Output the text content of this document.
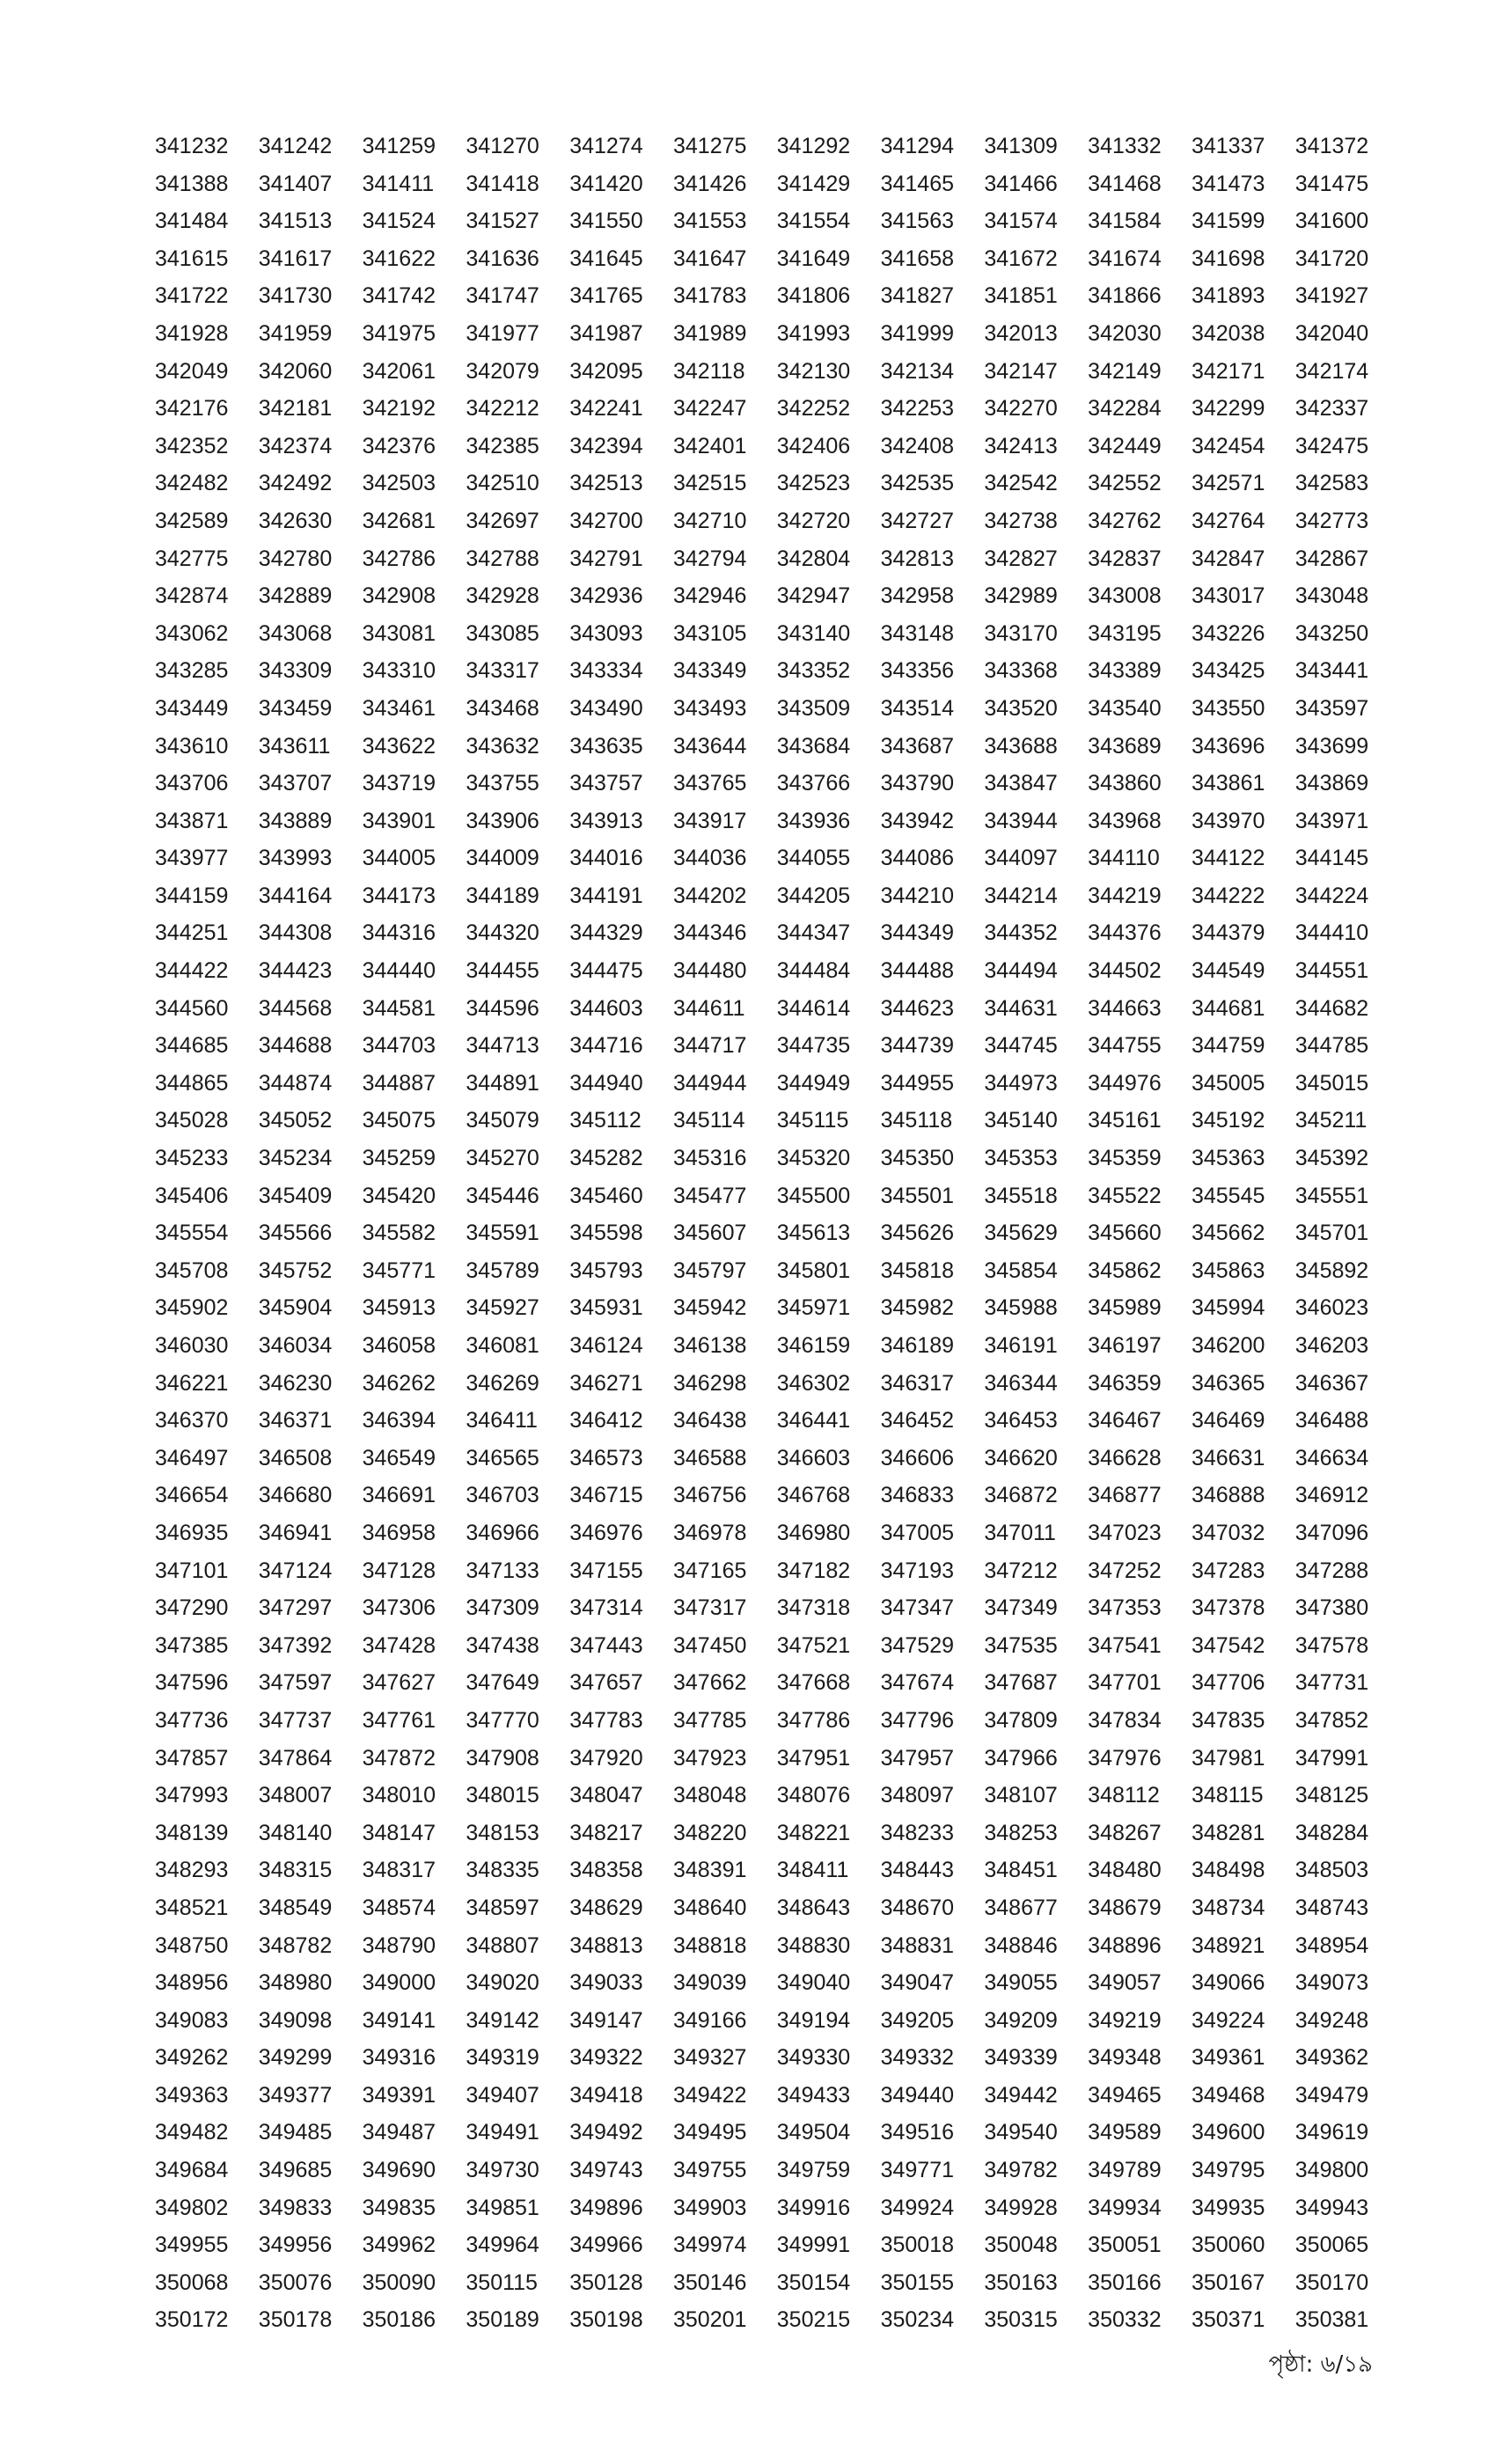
341232	341242	341259	341270	341274	341275	341292	341294	341309	341332	341337	341372
341388	341407	341411	341418	341420	341426	341429	341465	341466	341468	341473	341475
341484	341513	341524	341527	341550	341553	341554	341563	341574	341584	341599	341600
341615	341617	341622	341636	341645	341647	341649	341658	341672	341674	341698	341720
341722	341730	341742	341747	341765	341783	341806	341827	341851	341866	341893	341927
341928	341959	341975	341977	341987	341989	341993	341999	342013	342030	342038	342040
342049	342060	342061	342079	342095	342118	342130	342134	342147	342149	342171	342174
342176	342181	342192	342212	342241	342247	342252	342253	342270	342284	342299	342337
342352	342374	342376	342385	342394	342401	342406	342408	342413	342449	342454	342475
342482	342492	342503	342510	342513	342515	342523	342535	342542	342552	342571	342583
342589	342630	342681	342697	342700	342710	342720	342727	342738	342762	342764	342773
342775	342780	342786	342788	342791	342794	342804	342813	342827	342837	342847	342867
342874	342889	342908	342928	342936	342946	342947	342958	342989	343008	343017	343048
343062	343068	343081	343085	343093	343105	343140	343148	343170	343195	343226	343250
343285	343309	343310	343317	343334	343349	343352	343356	343368	343389	343425	343441
343449	343459	343461	343468	343490	343493	343509	343514	343520	343540	343550	343597
343610	343611	343622	343632	343635	343644	343684	343687	343688	343689	343696	343699
343706	343707	343719	343755	343757	343765	343766	343790	343847	343860	343861	343869
343871	343889	343901	343906	343913	343917	343936	343942	343944	343968	343970	343971
343977	343993	344005	344009	344016	344036	344055	344086	344097	344110	344122	344145
344159	344164	344173	344189	344191	344202	344205	344210	344214	344219	344222	344224
344251	344308	344316	344320	344329	344346	344347	344349	344352	344376	344379	344410
344422	344423	344440	344455	344475	344480	344484	344488	344494	344502	344549	344551
344560	344568	344581	344596	344603	344611	344614	344623	344631	344663	344681	344682
344685	344688	344703	344713	344716	344717	344735	344739	344745	344755	344759	344785
344865	344874	344887	344891	344940	344944	344949	344955	344973	344976	345005	345015
345028	345052	345075	345079	345112	345114	345115	345118	345140	345161	345192	345211
345233	345234	345259	345270	345282	345316	345320	345350	345353	345359	345363	345392
345406	345409	345420	345446	345460	345477	345500	345501	345518	345522	345545	345551
345554	345566	345582	345591	345598	345607	345613	345626	345629	345660	345662	345701
345708	345752	345771	345789	345793	345797	345801	345818	345854	345862	345863	345892
345902	345904	345913	345927	345931	345942	345971	345982	345988	345989	345994	346023
346030	346034	346058	346081	346124	346138	346159	346189	346191	346197	346200	346203
346221	346230	346262	346269	346271	346298	346302	346317	346344	346359	346365	346367
346370	346371	346394	346411	346412	346438	346441	346452	346453	346467	346469	346488
346497	346508	346549	346565	346573	346588	346603	346606	346620	346628	346631	346634
346654	346680	346691	346703	346715	346756	346768	346833	346872	346877	346888	346912
346935	346941	346958	346966	346976	346978	346980	347005	347011	347023	347032	347096
347101	347124	347128	347133	347155	347165	347182	347193	347212	347252	347283	347288
347290	347297	347306	347309	347314	347317	347318	347347	347349	347353	347378	347380
347385	347392	347428	347438	347443	347450	347521	347529	347535	347541	347542	347578
347596	347597	347627	347649	347657	347662	347668	347674	347687	347701	347706	347731
347736	347737	347761	347770	347783	347785	347786	347796	347809	347834	347835	347852
347857	347864	347872	347908	347920	347923	347951	347957	347966	347976	347981	347991
347993	348007	348010	348015	348047	348048	348076	348097	348107	348112	348115	348125
348139	348140	348147	348153	348217	348220	348221	348233	348253	348267	348281	348284
348293	348315	348317	348335	348358	348391	348411	348443	348451	348480	348498	348503
348521	348549	348574	348597	348629	348640	348643	348670	348677	348679	348734	348743
348750	348782	348790	348807	348813	348818	348830	348831	348846	348896	348921	348954
348956	348980	349000	349020	349033	349039	349040	349047	349055	349057	349066	349073
349083	349098	349141	349142	349147	349166	349194	349205	349209	349219	349224	349248
349262	349299	349316	349319	349322	349327	349330	349332	349339	349348	349361	349362
349363	349377	349391	349407	349418	349422	349433	349440	349442	349465	349468	349479
349482	349485	349487	349491	349492	349495	349504	349516	349540	349589	349600	349619
349684	349685	349690	349730	349743	349755	349759	349771	349782	349789	349795	349800
349802	349833	349835	349851	349896	349903	349916	349924	349928	349934	349935	349943
349955	349956	349962	349964	349966	349974	349991	350018	350048	350051	350060	350065
350068	350076	350090	350115	350128	350146	350154	350155	350163	350166	350167	350170
350172	350178	350186	350189	350198	350201	350215	350234	350315	350332	350371	350381
পৃষ্ঠা: ৬/১৯
